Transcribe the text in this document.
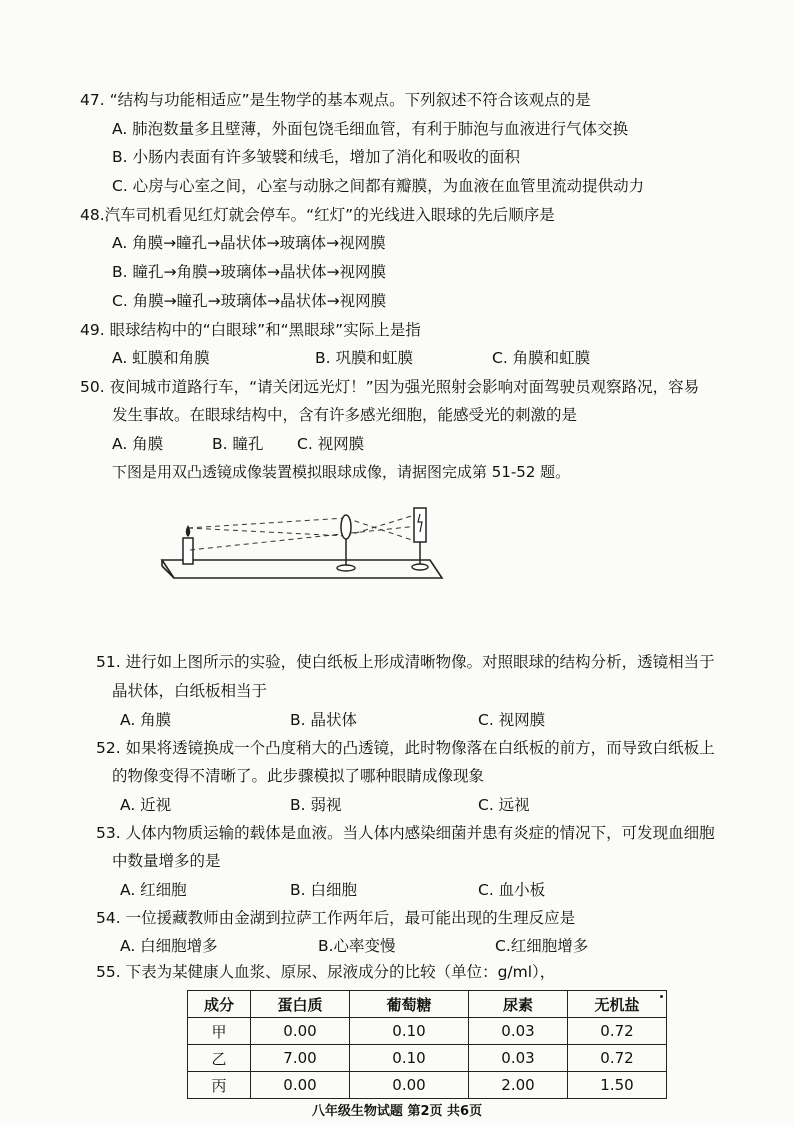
47. “结构与功能相适应”是生物学的基本观点。下列叙述不符合该观点的是
A. 肺泡数量多且壁薄，外面包饶毛细血管，有利于肺泡与血液进行气体交换
B. 小肠内表面有许多皱襞和绒毛，增加了消化和吸收的面积
C. 心房与心室之间，心室与动脉之间都有瓣膜，为血液在血管里流动提供动力
48.汽车司机看见红灯就会停车。“红灯”的光线进入眼球的先后顺序是
A. 角膜→瞳孔→晶状体→玻璃体→视网膜
B. 瞳孔→角膜→玻璃体→晶状体→视网膜
C. 角膜→瞳孔→玻璃体→晶状体→视网膜
49. 眼球结构中的“白眼球”和“黑眼球”实际上是指
A. 虹膜和角膜	B. 巩膜和虹膜	C. 角膜和虹膜
50. 夜间城市道路行车，“请关闭远光灯！”因为强光照射会影响对面驾驶员观察路况，容易
发生事故。在眼球结构中，含有许多感光细胞，能感受光的刺激的是
A. 角膜	B. 瞳孔 C. 视网膜
下图是用双凸透镜成像装置模拟眼球成像，请据图完成第 51-52 题。
51. 进行如上图所示的实验，使白纸板上形成清晰物像。对照眼球的结构分析，透镜相当于
晶状体，白纸板相当于
A. 角膜	B. 晶状体	C. 视网膜
52. 如果将透镜换成一个凸度稍大的凸透镜，此时物像落在白纸板的前方，而导致白纸板上
的物像变得不清晰了。此步骤模拟了哪种眼睛成像现象
A. 近视	B. 弱视	C. 远视
53. 人体内物质运输的载体是血液。当人体内感染细菌并患有炎症的情况下，可发现血细胞
中数量增多的是
A. 红细胞	B. 白细胞	C. 血小板
54. 一位援藏教师由金湖到拉萨工作两年后，最可能出现的生理反应是
A. 白细胞增多	B.心率变慢	C.红细胞增多
55. 下表为某健康人血浆、原尿、尿液成分的比较（单位：g/ml），
成分	蛋白质	葡萄糖	尿素	无机盐
甲	0.00	0.10	0.03	0.72
乙	7.00	0.10	0.03	0.72
丙	0.00	0.00	2.00	1.50
八年级生物试题 第2页 共6页
